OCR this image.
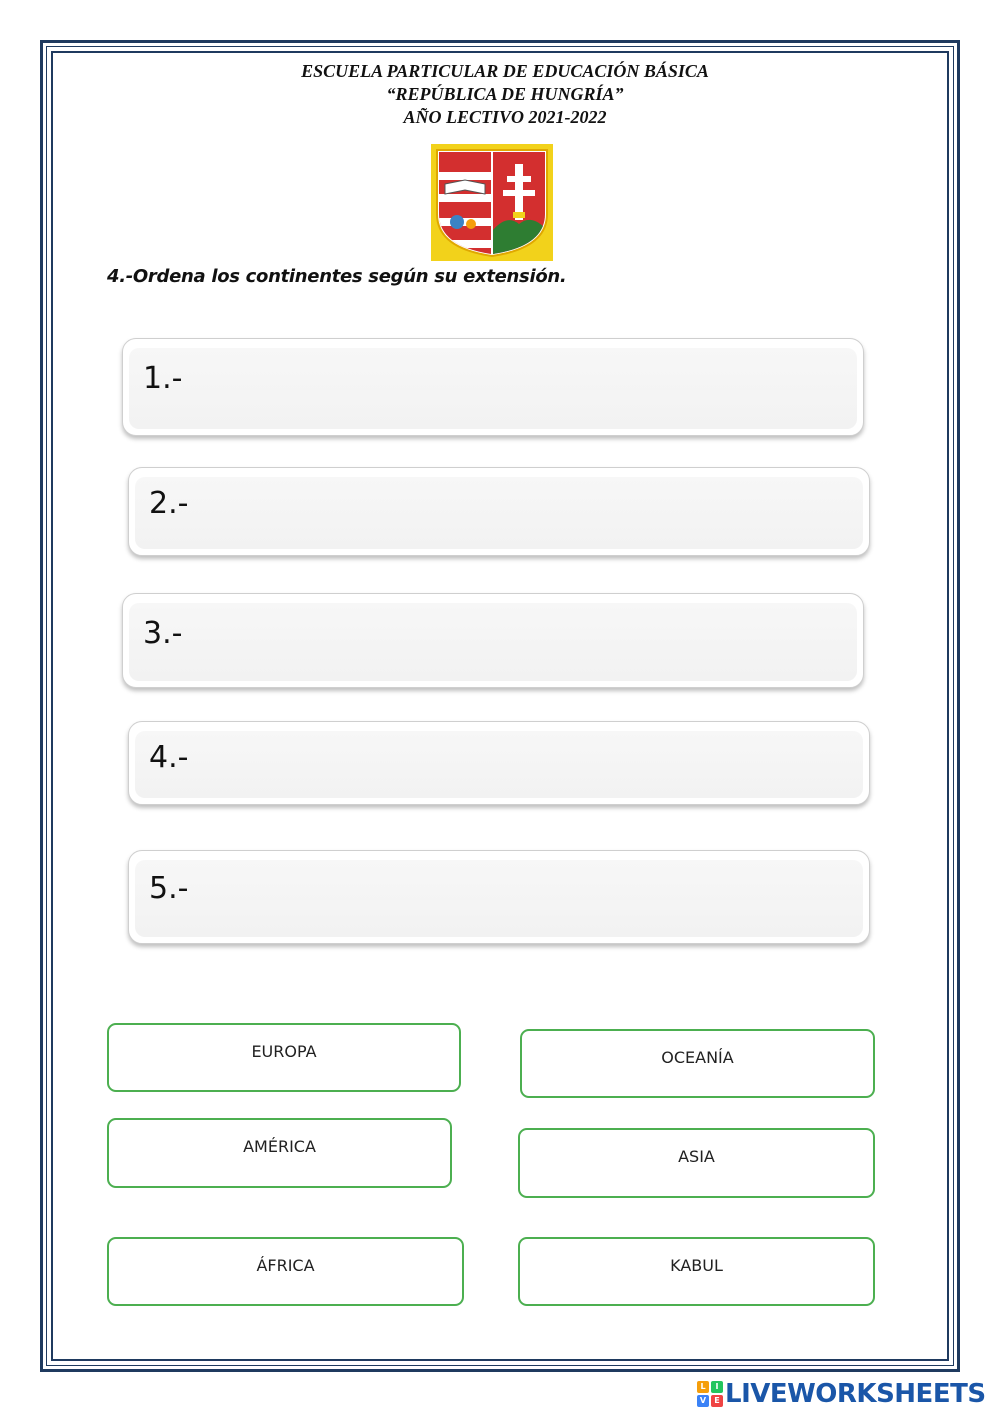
ESCUELA PARTICULAR DE EDUCACIÓN BÁSICA
“REPÚBLICA DE HUNGRÍA”
AÑO LECTIVO 2021-2022
4.-Ordena los continentes según su extensión.
1.-
2.-
3.-
4.-
5.-
EUROPA	OCEANÍA
AMÉRICA
ASIA
ÁFRICA	KABUL
L	I
V	E LIVEWORKSHEETS
